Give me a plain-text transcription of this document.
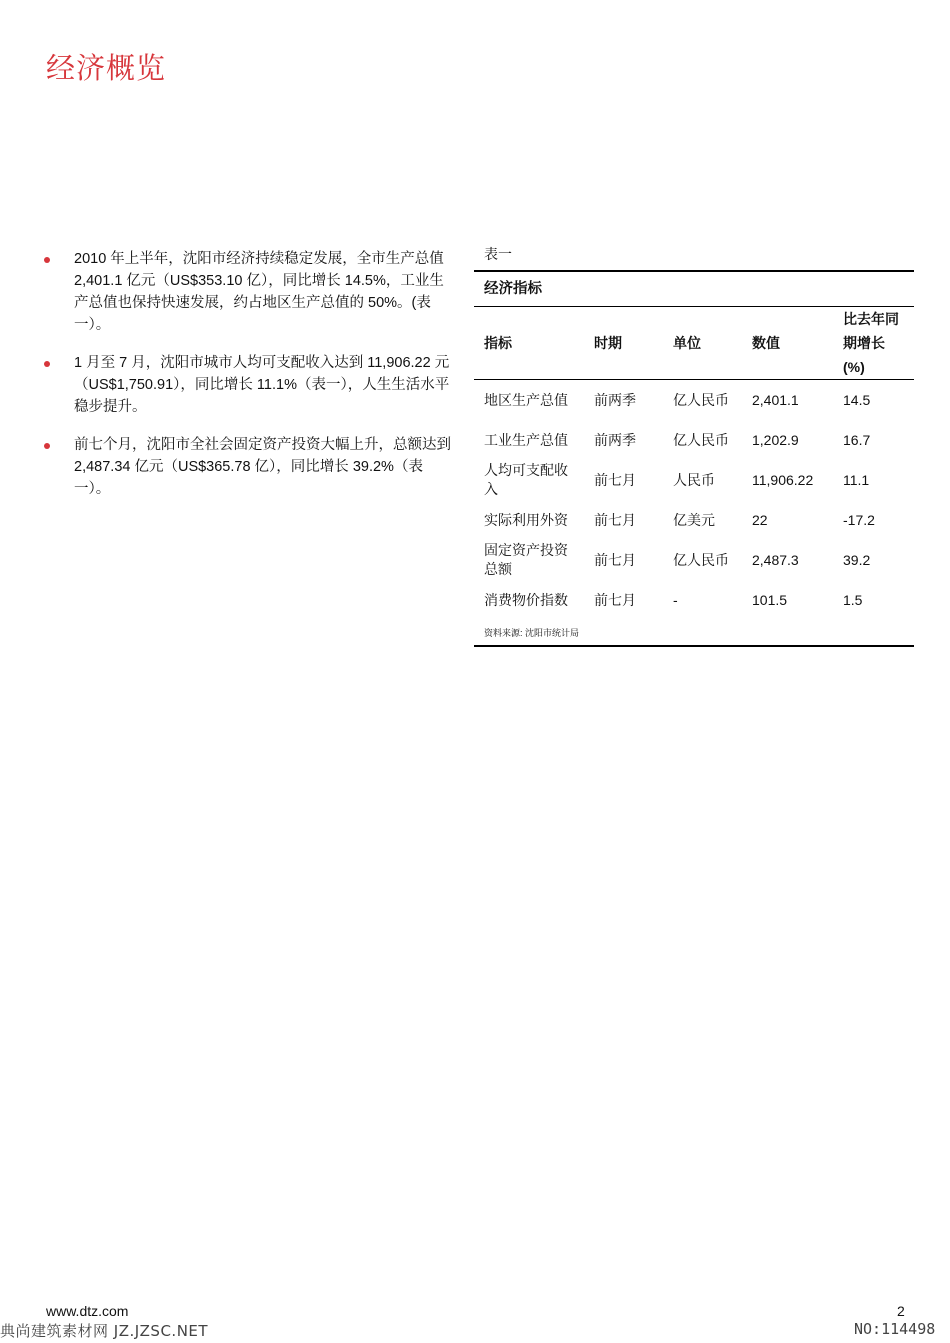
经济概览
2010 年上半年，沈阳市经济持续稳定发展，全市生产总值 2,401.1 亿元（US$353.10 亿），同比增长 14.5%，工业生产总值也保持快速发展，约占地区生产总值的 50%。(表一）。
1 月至 7 月，沈阳市城市人均可支配收入达到 11,906.22 元（US$1,750.91），同比增长 11.1%（表一），人生生活水平稳步提升。
前七个月，沈阳市全社会固定资产投资大幅上升，总额达到 2,487.34 亿元（US$365.78 亿），同比增长 39.2%（表一）。
表一
经济指标
指标	时期	单位	数值	比去年同期增长 (%)
地区生产总值	前两季	亿人民币	2,401.1	14.5
工业生产总值	前两季	亿人民币	1,202.9	16.7
人均可支配收入	前七月	人民币	11,906.22	11.1
实际利用外资	前七月	亿美元	22	-17.2
固定资产投资总额	前七月	亿人民币	2,487.3	39.2
消费物价指数	前七月	-	101.5	1.5
资料来源: 沈阳市统计局
www.dtz.com	2
典尚建筑素材网 JZ.JZSC.NET	NO:114498
